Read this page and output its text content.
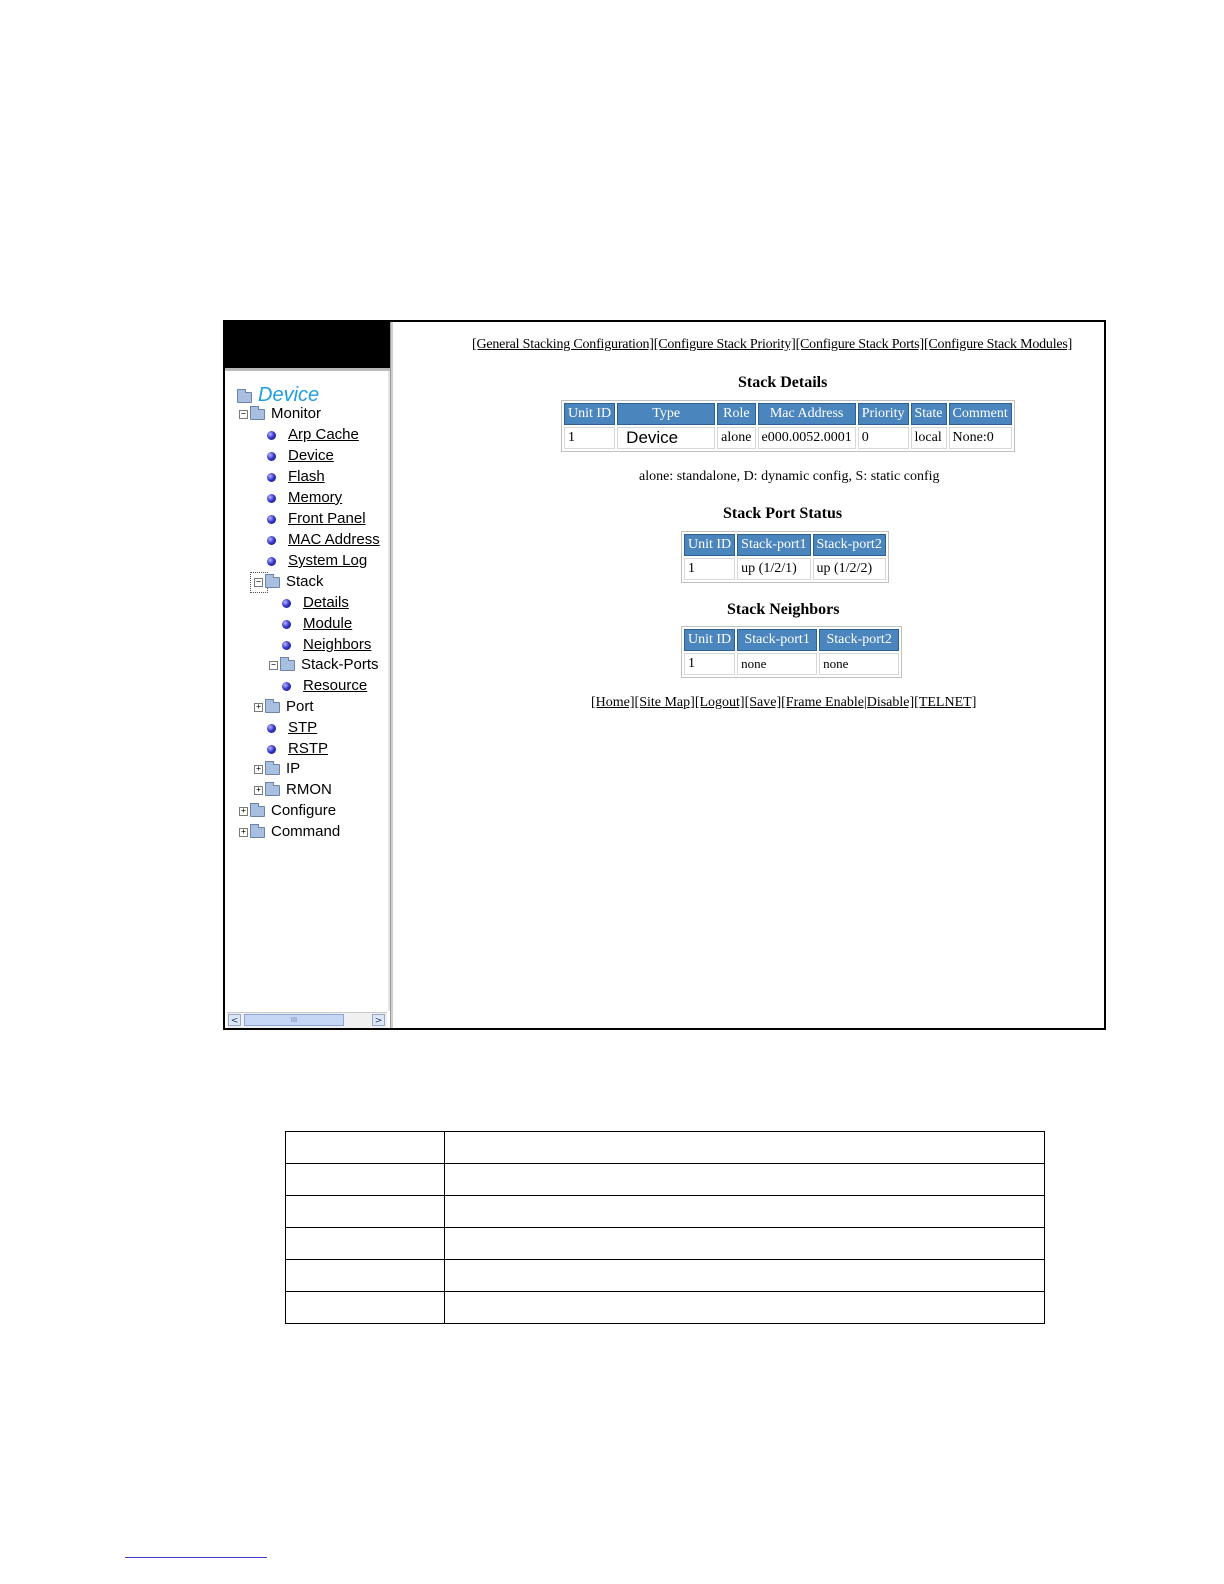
Device
− Monitor
Arp Cache
Device
Flash
Memory
Front Panel
MAC Address
System Log
− Stack
Details
Module
Neighbors
− Stack-Ports
Resource
+ Port
STP
RSTP
+ IP
+ RMON
+ Configure
+ Command
<	III	>
[General Stacking Configuration][Configure Stack Priority][Configure Stack Ports][Configure Stack Modules]
Stack Details
Unit ID	Type	Role	Mac Address	Priority	State	Comment
1	Device	alone	e000.0052.0001	0	local	None:0
alone: standalone, D: dynamic config, S: static config
Stack Port Status
Unit ID	Stack-port1	Stack-port2
1	up (1/2/1)	up (1/2/2)
Stack Neighbors
Unit ID	Stack-port1	Stack-port2
1	none	none
[Home][Site Map][Logout][Save][Frame Enable|Disable][TELNET]
